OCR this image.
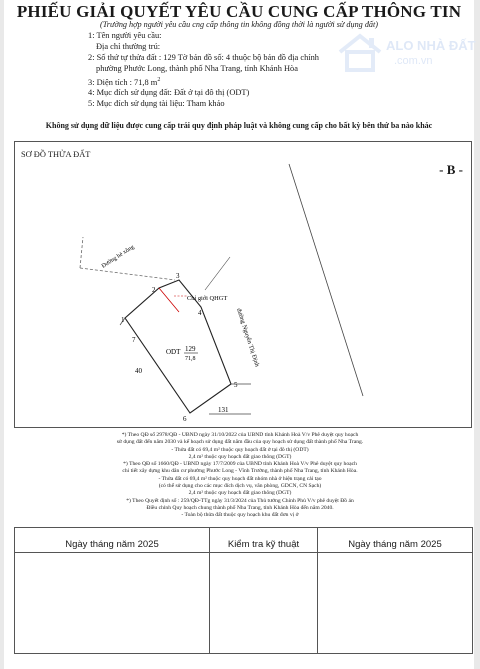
PHIẾU GIẢI QUYẾT YÊU CẦU CUNG CẤP THÔNG TIN
(Trường hợp người yêu cầu cng cấp thông tin không đồng thời là người sử dụng đất)
ALO NHÀ ĐẤT
.com.vn
1: Tên người yêu cầu:
Địa chỉ thường trú:
2: Số thứ tự thửa đất : 129 Tờ bản đồ số: 4 thuộc bộ bản đồ địa chính
phường Phước Long, thành phố Nha Trang, tỉnh Khánh Hòa
3: Diện tích : 71,8 $m^2$
4: Mục đích sử dụng đất: Đất ở tại đô thị (ODT)
5: Mục đích sử dụng tài liệu: Tham khảo
Không sử dụng dữ liệu được cung cấp trái quy định pháp luật và không cung cấp cho bất kỳ bên thứ ba nào khác
SƠ ĐỒ THỬA ĐẤT
- B -
1
2
3
4
5
6
7
Đường hẻ xông
đường Nguyễn Thị Định
Chỉ giới QHGT
ODT 129
71,8
40
131
*) Theo QĐ số 2978/QĐ - UBND ngày 31/10/2022 của UBND tỉnh Khánh Hoà V/v Phê duyệt quy hoạch
sử dụng đất đến năm 2030 và kế hoạch sử dụng đất năm đầu của quy hoạch sử dụng đất thành phố Nha Trang.
- Thửa đất có 69,4 m² thuộc quy hoạch đất ở tại đô thị (ODT)
2,4 m² thuộc quy hoạch đất giao thông (DGT)
*) Theo QĐ số 1660/QĐ - UBND ngày 17/7/2009 của UBND tỉnh Khánh Hoà V/v Phê duyệt quy hoạch
chi tiết xây dựng khu dân cư phường Phước Long - Vĩnh Trường, thành phố Nha Trang, tỉnh Khánh Hòa.
- Thửa đất có 69,4 m² thuộc quy hoạch đất nhóm nhà ở hiện trạng cải tạo
(có thể sử dụng cho các mục đích dịch vụ, văn phòng, GDCN, CN Sạch)
2,4 m² thuộc quy hoạch đất giao thông (DGT)
*) Theo Quyết định số : 259/QĐ-TTg ngày 31/3/2024 của Thủ tướng Chính Phủ V/v phê duyệt Đồ án
Điều chỉnh Quy hoạch chung thành phố Nha Trang, tỉnh Khánh Hòa đến năm 2040.
- Toàn bộ thửa đất thuộc quy hoạch khu đất đơn vị ở
Ngày tháng năm 2025	Kiểm tra kỹ thuật	Ngày tháng năm 2025
